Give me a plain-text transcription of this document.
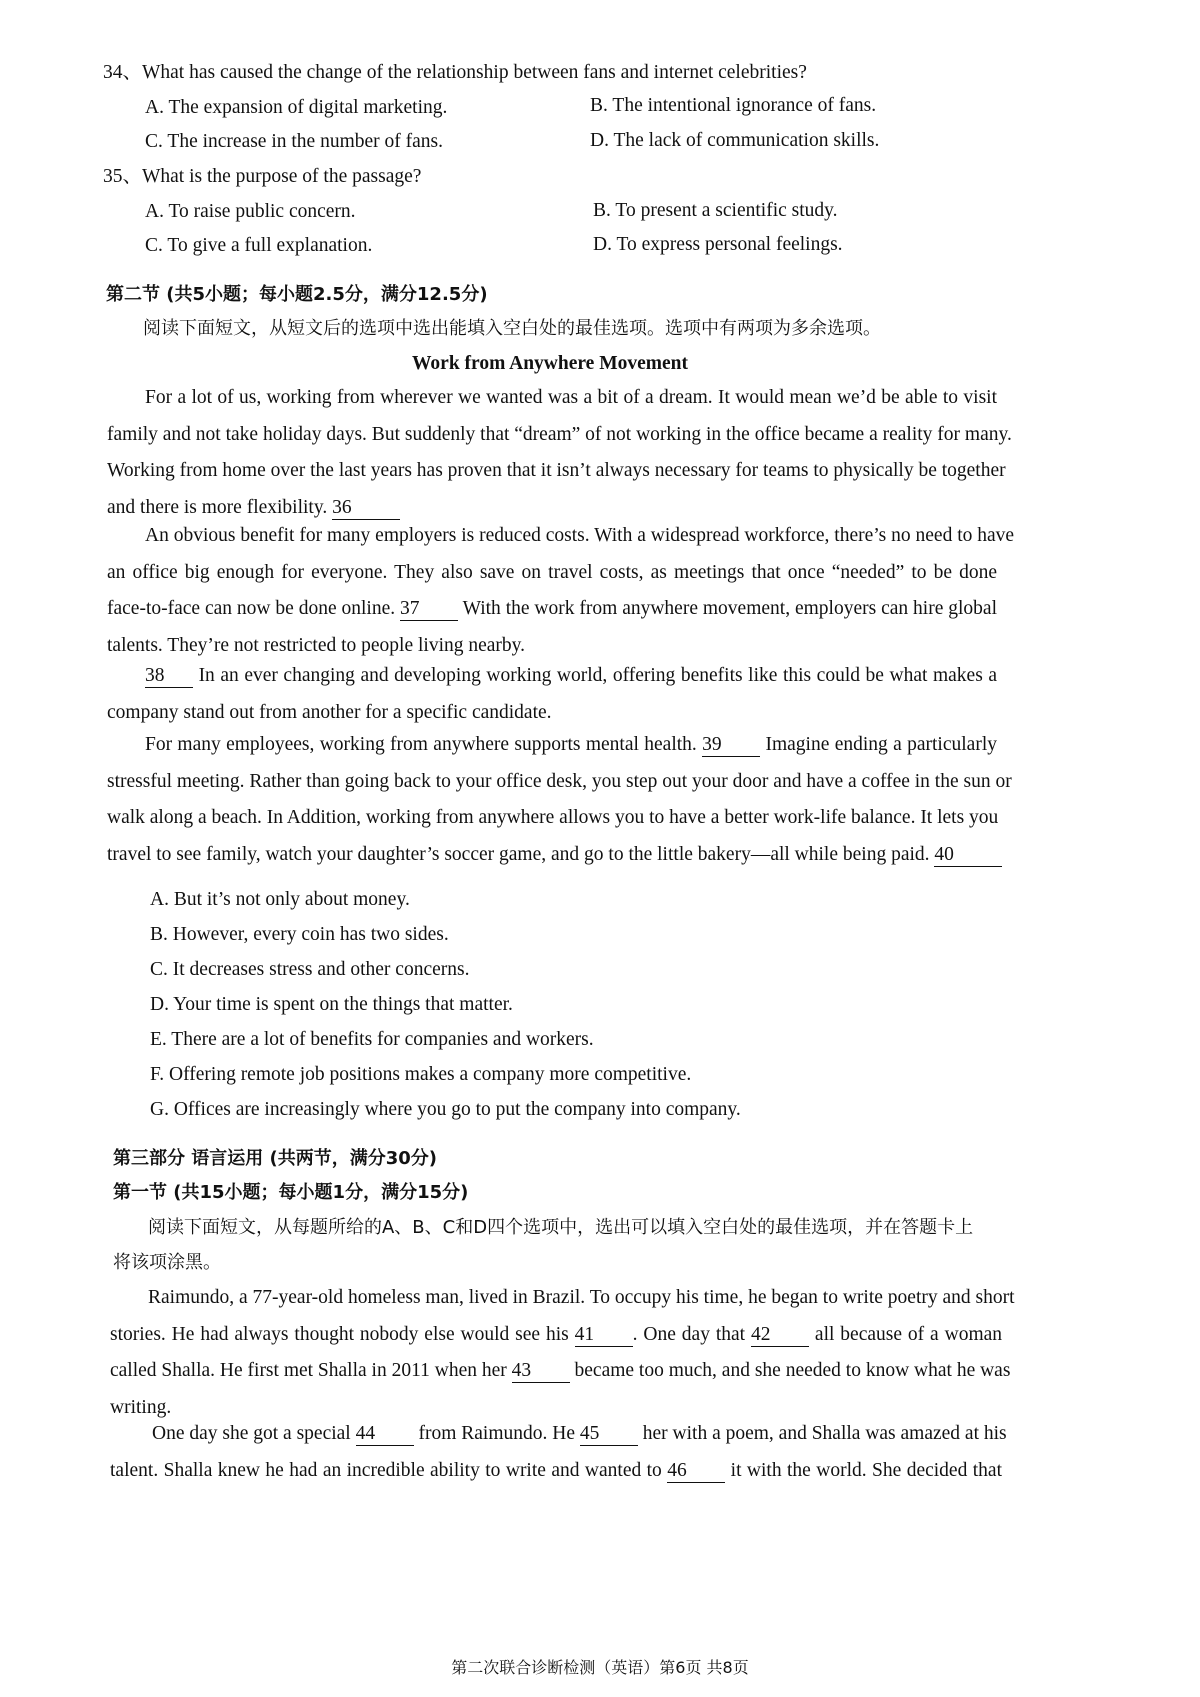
34、What has caused the change of the relationship between fans and internet celebrities?
A. The expansion of digital marketing.	B. The intentional ignorance of fans.
C. The increase in the number of fans.	D. The lack of communication skills.
35、What is the purpose of the passage?
A. To raise public concern.	B. To present a scientific study.
C. To give a full explanation.	D. To express personal feelings.
第二节 (共5小题；每小题2.5分，满分12.5分)
阅读下面短文，从短文后的选项中选出能填入空白处的最佳选项。选项中有两项为多余选项。
Work from Anywhere Movement
For a lot of us, working from wherever we wanted was a bit of a dream. It would mean we’d be able to visit
family and not take holiday days. But suddenly that “dream” of not working in the office became a reality for many.
Working from home over the last years has proven that it isn’t always necessary for teams to physically be together
and there is more flexibility. 36
An obvious benefit for many employers is reduced costs. With a widespread workforce, there’s no need to have
an office big enough for everyone. They also save on travel costs, as meetings that once “needed” to be done
face-to-face can now be done online. 37 With the work from anywhere movement, employers can hire global
talents. They’re not restricted to people living nearby.
38 In an ever changing and developing working world, offering benefits like this could be what makes a
company stand out from another for a specific candidate.
For many employees, working from anywhere supports mental health. 39 Imagine ending a particularly
stressful meeting. Rather than going back to your office desk, you step out your door and have a coffee in the sun or
walk along a beach. In Addition, working from anywhere allows you to have a better work-life balance. It lets you
travel to see family, watch your daughter’s soccer game, and go to the little bakery—all while being paid. 40
A. But it’s not only about money.
B. However, every coin has two sides.
C. It decreases stress and other concerns.
D. Your time is spent on the things that matter.
E. There are a lot of benefits for companies and workers.
F. Offering remote job positions makes a company more competitive.
G. Offices are increasingly where you go to put the company into company.
第三部分 语言运用 (共两节，满分30分)
第一节 (共15小题；每小题1分，满分15分)
阅读下面短文，从每题所给的A、B、C和D四个选项中，选出可以填入空白处的最佳选项，并在答题卡上
将该项涂黑。
Raimundo, a 77-year-old homeless man, lived in Brazil. To occupy his time, he began to write poetry and short
stories. He had always thought nobody else would see his 41 . One day that 42 all because of a woman
called Shalla. He first met Shalla in 2011 when her 43 became too much, and she needed to know what he was
writing.
One day she got a special 44 from Raimundo. He 45 her with a poem, and Shalla was amazed at his
talent. Shalla knew he had an incredible ability to write and wanted to 46 it with the world. She decided that
第二次联合诊断检测（英语）第6页 共8页
